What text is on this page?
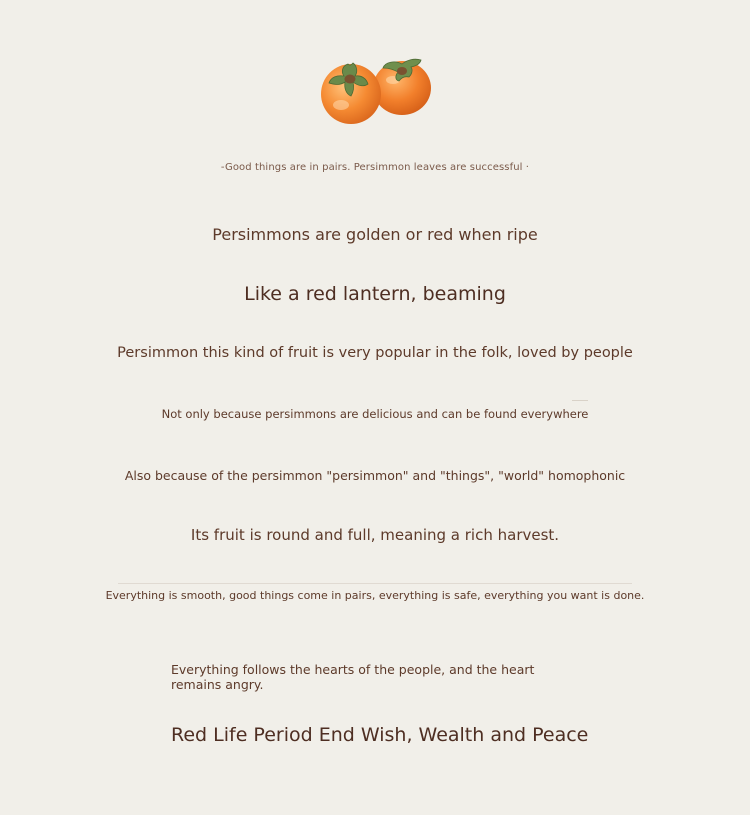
-Good things are in pairs. Persimmon leaves are successful ·
Persimmons are golden or red when ripe
Like a red lantern, beaming
Persimmon this kind of fruit is very popular in the folk, loved by people
Not only because persimmons are delicious and can be found everywhere
Also because of the persimmon "persimmon" and "things", "world" homophonic
Its fruit is round and full, meaning a rich harvest.
Everything is smooth, good things come in pairs, everything is safe, everything you want is done.
Everything follows the hearts of the people, and the heart remains angry.
Red Life Period End Wish, Wealth and Peace
